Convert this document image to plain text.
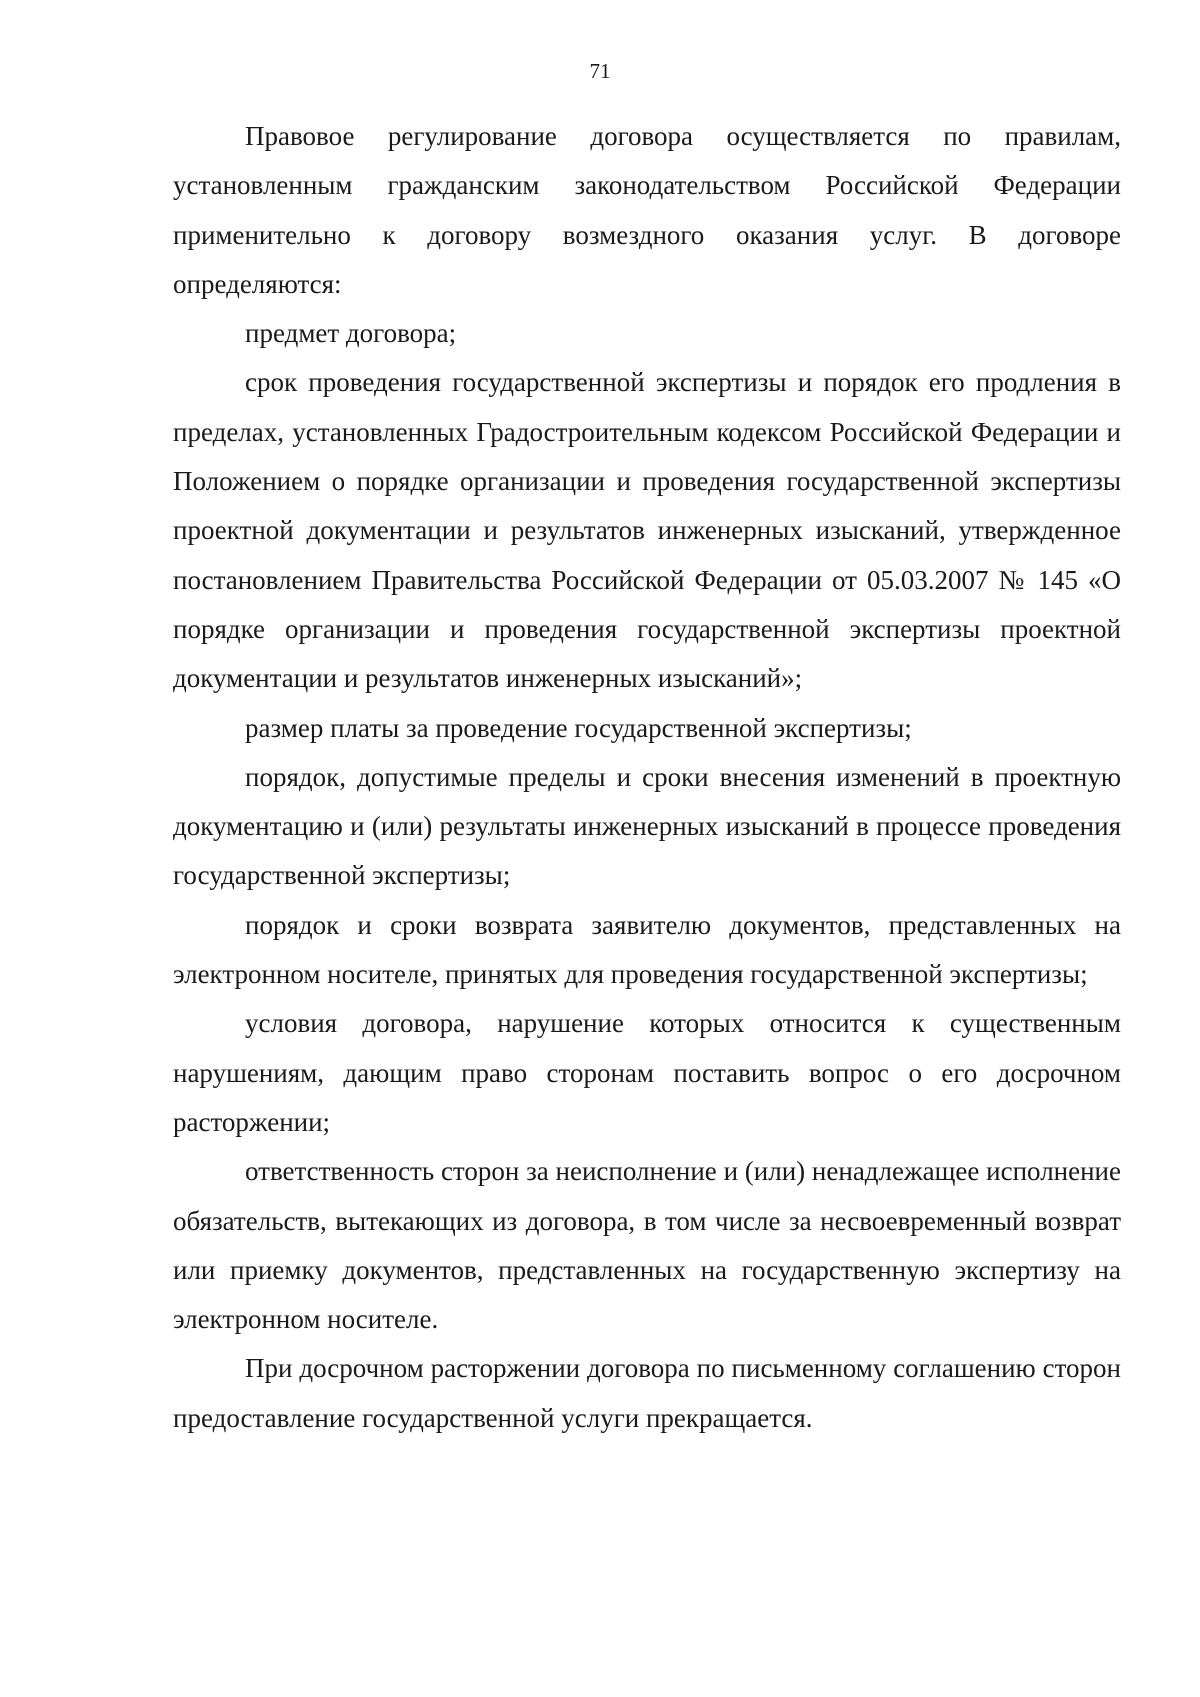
71

Правовое регулирование договора осуществляется по правилам, установленным гражданским законодательством Российской Федерации применительно к договору возмездного оказания услуг. В договоре определяются:

предмет договора;

срок проведения государственной экспертизы и порядок его продления в пределах, установленных Градостроительным кодексом Российской Федерации и Положением о порядке организации и проведения государственной экспертизы проектной документации и результатов инженерных изысканий, утвержденное постановлением Правительства Российской Федерации от 05.03.2007 № 145 «О порядке организации и проведения государственной экспертизы проектной документации и результатов инженерных изысканий»;

размер платы за проведение государственной экспертизы;

порядок, допустимые пределы и сроки внесения изменений в проектную документацию и (или) результаты инженерных изысканий в процессе проведения государственной экспертизы;

порядок и сроки возврата заявителю документов, представленных на электронном носителе, принятых для проведения государственной экспертизы;

условия договора, нарушение которых относится к существенным нарушениям, дающим право сторонам поставить вопрос о его досрочном расторжении;

ответственность сторон за неисполнение и (или) ненадлежащее исполнение обязательств, вытекающих из договора, в том числе за несвоевременный возврат или приемку документов, представленных на государственную экспертизу на электронном носителе.

При досрочном расторжении договора по письменному соглашению сторон предоставление государственной услуги прекращается.
